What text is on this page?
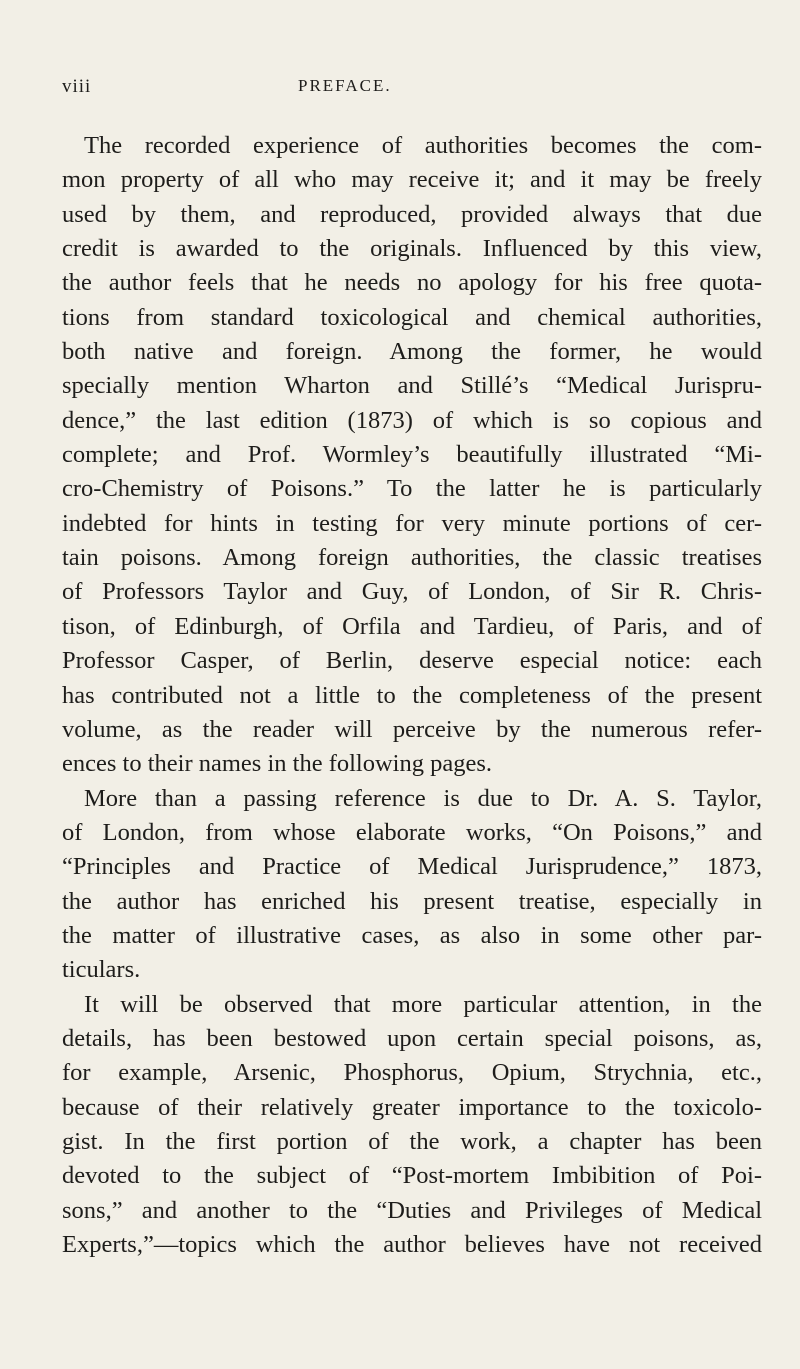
viii	PREFACE.
The recorded experience of authorities becomes the com-
mon property of all who may receive it; and it may be freely
used by them, and reproduced, provided always that due
credit is awarded to the originals. Influenced by this view,
the author feels that he needs no apology for his free quota-
tions from standard toxicological and chemical authorities,
both native and foreign. Among the former, he would
specially mention Wharton and Stillé’s “Medical Jurispru-
dence,” the last edition (1873) of which is so copious and
complete; and Prof. Wormley’s beautifully illustrated “Mi-
cro-Chemistry of Poisons.” To the latter he is particularly
indebted for hints in testing for very minute portions of cer-
tain poisons. Among foreign authorities, the classic treatises
of Professors Taylor and Guy, of London, of Sir R. Chris-
tison, of Edinburgh, of Orfila and Tardieu, of Paris, and of
Professor Casper, of Berlin, deserve especial notice: each
has contributed not a little to the completeness of the present
volume, as the reader will perceive by the numerous refer-
ences to their names in the following pages.
More than a passing reference is due to Dr. A. S. Taylor,
of London, from whose elaborate works, “On Poisons,” and
“Principles and Practice of Medical Jurisprudence,” 1873,
the author has enriched his present treatise, especially in
the matter of illustrative cases, as also in some other par-
ticulars.
It will be observed that more particular attention, in the
details, has been bestowed upon certain special poisons, as,
for example, Arsenic, Phosphorus, Opium, Strychnia, etc.,
because of their relatively greater importance to the toxicolo-
gist. In the first portion of the work, a chapter has been
devoted to the subject of “Post-mortem Imbibition of Poi-
sons,” and another to the “Duties and Privileges of Medical
Experts,”—topics which the author believes have not received
